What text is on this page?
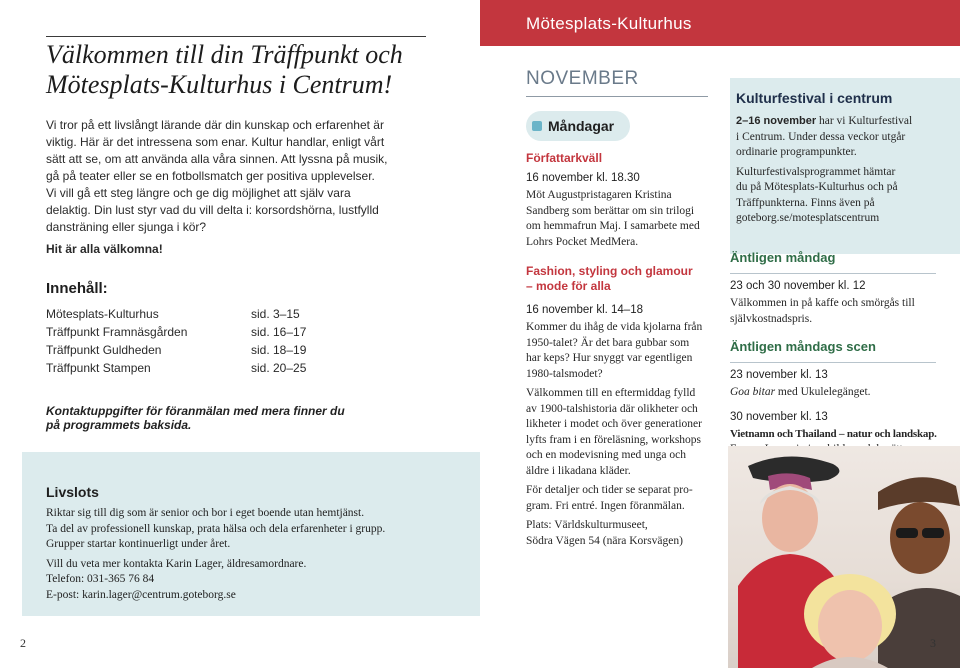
Välkommen till din Träffpunkt och
Mötesplats-Kulturhus i Centrum!

Vi tror på ett livslångt lärande där din kunskap och erfarenhet är

viktig. Här är det intressena som enar. Kultur handlar, enligt vårt

sätt att se, om att använda alla våra sinnen. Att lyssna på musik,

gå på teater eller se en fotbollsmatch ger positiva upplevelser.

Vi vill gå ett steg längre och ge dig möjlighet att själv vara

delaktig. Din lust styr vad du vill delta i: korsordshörna, lustfylld

dansträning eller sjunga i kör?

Hit är alla välkomna!

Innehåll:
Mötesplats-Kulturhus	sid. 3–15
Träffpunkt Framnäsgården	sid. 16–17
Träffpunkt Guldheden	sid. 18–19
Träffpunkt Stampen	sid. 20–25
Kontaktuppgifter för föranmälan med mera finner du
på programmets baksida.
Livslots

Riktar sig till dig som är senior och bor i eget boende utan hemtjänst.
Ta del av professionell kunskap, prata hälsa och dela erfarenheter i grupp.
Grupper startar kontinuerligt under året.

Vill du veta mer kontakta Karin Lager, äldresamordnare.
Telefon: 031-365 76 84
E-post: karin.lager@centrum.goteborg.se

2
Mötesplats-Kulturhus
NOVEMBER
Måndagar
Författarkväll
16 november kl. 18.30
Möt Augustpristagaren Kristina
Sandberg som berättar om sin trilogi
om hemmafrun Maj. I samarbete med
Lohrs Pocket MedMera.
Fashion, styling och glamour
– mode för alla
16 november kl. 14–18
Kommer du ihåg de vida kjolarna från
1950-talet? Är det bara gubbar som
har keps? Hur snyggt var egentligen
1980-talsmodet?
Välkommen till en eftermiddag fylld
av 1900-talshistoria där olikheter och
likheter i modet och över generationer
lyfts fram i en föreläsning, workshops
och en modevisning med unga och
äldre i likadana kläder.
För detaljer och tider se separat pro-
gram. Fri entré. Ingen föranmälan.
Plats: Världskulturmuseet,
Södra Vägen 54 (nära Korsvägen)
Kulturfestival i centrum
2–16 november har vi Kulturfestival
i Centrum. Under dessa veckor utgår
ordinarie programpunkter.
Kulturfestivalsprogrammet hämtar
du på Mötesplats-Kulturhus och på
Träffpunkterna. Finns även på
goteborg.se/motesplatscentrum
Äntligen måndag
23 och 30 november kl. 12
Välkommen in på kaffe och smörgås till
självkostnadspris.
Äntligen måndags scen
23 november kl. 13
Goa bitar med Ukulelegänget.
30 november kl. 13
Vietnamn och Thailand – natur och landskap.
3
